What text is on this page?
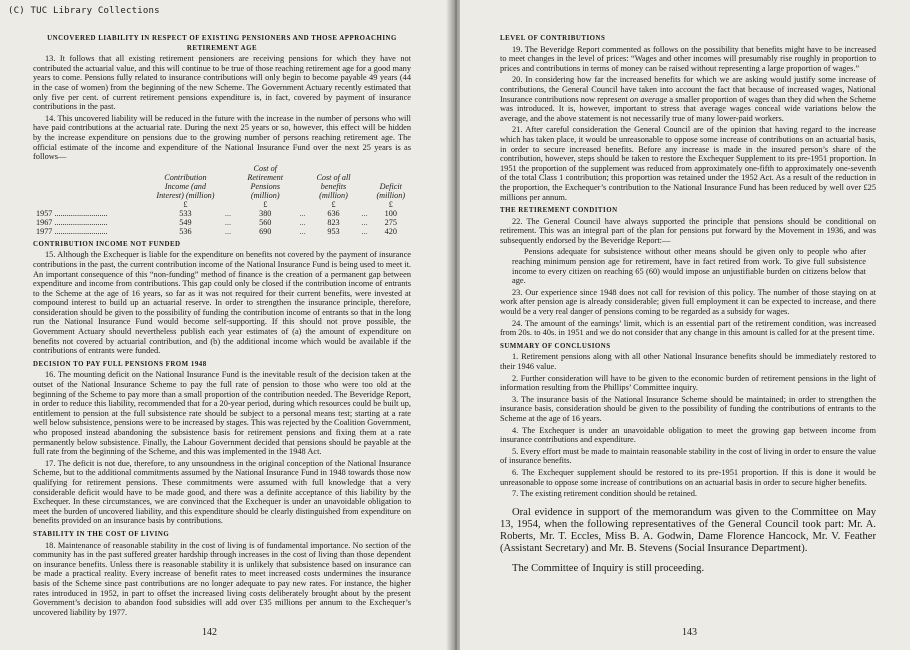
(C) TUC Library Collections
UNCOVERED LIABILITY IN RESPECT OF EXISTING PENSIONERS AND THOSE APPROACHING RETIREMENT AGE

13. It follows that all existing retirement pensioners are receiving pensions for which they have not contributed the actuarial value, and this will continue to be true of those reaching retirement age for a good many years to come. Pensions fully related to insurance contributions will only begin to become payable 49 years (44 in the case of women) from the beginning of the new Scheme. The Government Actuary recently estimated that only five per cent. of current retirement pensions expenditure is, in fact, covered by payment of insurance contributions in the past.

14. This uncovered liability will be reduced in the future with the increase in the number of persons who will have paid contributions at the actuarial rate. During the next 25 years or so, however, this effect will be hidden by the increase expenditure on pensions due to the growing number of persons reaching retirement age. The official estimate of the income and expenditure of the National Insurance Fund over the next 25 years is as follows—

	Contribution Income (and Interest) (million)		Cost of Retirement Pensions (million)		Cost of all benefits (million)		Deficit (million)
	£		£		£		£
1957 ..........................	533	...	380	...	636	...	100
1967 ..........................	549	...	560	...	823	...	275
1977 ..........................	536	...	690	...	953	...	420
CONTRIBUTION INCOME NOT FUNDED

15. Although the Exchequer is liable for the expenditure on benefits not covered by the payment of insurance contributions in the past, the current contribution income of the National Insurance Fund is being used to meet it. An important consequence of this “non-funding” method of finance is the creation of a permanent gap between expenditure and income from contributions. This gap could only be closed if the contribution income of entrants to the Scheme at the age of 16 years, so far as it was not required for their current benefits, were invested at compound interest to build up an actuarial reserve. In order to strengthen the insurance principle, therefore, consideration should be given to the possibility of funding the contribution income of entrants so that in the long run the National Insurance Fund would become self-supporting. If this should not prove possible, the Government Actuary should nevertheless publish each year estimates of (a) the amount of expenditure on benefits not covered by actuarial contribution, and (b) the additional income which would be available if the contributions of entrants were funded.

DECISION TO PAY FULL PENSIONS FROM 1948

16. The mounting deficit on the National Insurance Fund is the inevitable result of the decision taken at the outset of the National Insurance Scheme to pay the full rate of pension to those who were too old at the beginning of the Scheme to pay more than a small proportion of the contribution needed. The Beveridge Report, in order to reduce this liability, recommended that for a 20-year period, during which resources could be built up, entitlement to pension at the full subsistence rate should be subject to a personal means test; starting at a rate well below subsistence, pensions were to be increased by stages. This was rejected by the Coalition Government, who proposed instead abandoning the subsistence basis for retirement pensions and fixing them at a rate permanently below subsistence. Finally, the Labour Government decided that pensions should be payable at the full rate from the beginning of the Scheme, and this was implemented in the 1948 Act.

17. The deficit is not due, therefore, to any unsoundness in the original conception of the National Insurance Scheme, but to the additional commitments assumed by the National Insurance Fund in 1948 towards those now qualifying for retirement pensions. These commitments were assumed with full knowledge that a very considerable deficit would have to be made good, and there was a definite acceptance of this liability by the Exchequer. In these circumstances, we are convinced that the Exchequer is under an unavoidable obligation to meet the burden of uncovered liability, and this expenditure should be clearly distinguished from expenditure on benefits provided on an insurance basis by contributions.

STABILITY IN THE COST OF LIVING

18. Maintenance of reasonable stability in the cost of living is of fundamental importance. No section of the community has in the past suffered greater hardship through increases in the cost of living than those dependent on insurance benefits. Unless there is reasonable stability it is unlikely that subsistence based on insurance can be made a practical reality. Every increase of benefit rates to meet increased costs undermines the insurance basis of the Scheme since past contributions are no longer adequate to pay new rates. For instance, the higher rates introduced in 1952, in part to offset the increased living costs deliberately brought about by the present Government’s decision to abandon food subsidies will add over £35 millions per annum to the Exchequer’s uncovered liability by 1977.

142
LEVEL OF CONTRIBUTIONS

19. The Beveridge Report commented as follows on the possibility that benefits might have to be increased to meet changes in the level of prices: “Wages and other incomes will presumably rise roughly in proportion to prices and contributions in terms of money can be raised without representing a large proportion of wages.”

20. In considering how far the increased benefits for which we are asking would justify some increase of contributions, the General Council have taken into account the fact that because of increased wages, National Insurance contributions now represent on average a smaller proportion of wages than they did when the Scheme was introduced. It is, however, important to stress that average wages conceal wide variations below the average, and the above statement is not necessarily true of many lower-paid workers.

21. After careful consideration the General Council are of the opinion that having regard to the increase which has taken place, it would be unreasonable to oppose some increase of contributions on an actuarial basis, in order to secure increased benefits. Before any increase is made in the insured person’s share of the contribution, however, steps should be taken to restore the Exchequer Supplement to its pre-1951 proportion. In 1951 the proportion of the supplement was reduced from approximately one-fifth to approximately one-seventh of the total Class 1 contribution; this proportion was retained under the 1952 Act. As a result of the reduction in the proportion, the Exchequer’s contribution to the National Insurance Fund has been reduced by well over £25 millions per annum.

THE RETIREMENT CONDITION

22. The General Council have always supported the principle that pensions should be conditional on retirement. This was an integral part of the plan for pensions put forward by the Movement in 1936, and was subsequently endorsed by the Beveridge Report:—

Pensions adequate for subsistence without other means should be given only to people who after reaching minimum pension age for retirement, have in fact retired from work. To give full subsistence income to every citizen on reaching 65 (60) would impose an unjustifiable burden on citizens below that age.

23. Our experience since 1948 does not call for revision of this policy. The number of those staying on at work after pension age is already considerable; given full employment it can be expected to increase, and there would be a very real danger of pensions coming to be regarded as a subsidy for wages.

24. The amount of the earnings’ limit, which is an essential part of the retirement condition, was increased from 20s. to 40s. in 1951 and we do not consider that any change in this amount is called for at the present time.

SUMMARY OF CONCLUSIONS

1. Retirement pensions along with all other National Insurance benefits should be immediately restored to their 1946 value.

2. Further consideration will have to be given to the economic burden of retirement pensions in the light of information resulting from the Phillips’ Committee inquiry.

3. The insurance basis of the National Insurance Scheme should be maintained; in order to strengthen the insurance basis, consideration should be given to the possibility of funding the contributions of entrants to the Scheme at the age of 16 years.

4. The Exchequer is under an unavoidable obligation to meet the growing gap between income from insurance contributions and expenditure.

5. Every effort must be made to maintain reasonable stability in the cost of living in order to ensure the value of insurance benefits.

6. The Exchequer supplement should be restored to its pre-1951 proportion. If this is done it would be unreasonable to oppose some increase of contributions on an actuarial basis in order to secure higher benefits.

7. The existing retirement condition should be retained.

Oral evidence in support of the memorandum was given to the Committee on May 13, 1954, when the following representatives of the General Council took part: Mr. A. Roberts, Mr. T. Eccles, Miss B. A. Godwin, Dame Florence Hancock, Mr. V. Feather (Assistant Secretary) and Mr. B. Stevens (Social Insurance Department).

The Committee of Inquiry is still proceeding.

143
